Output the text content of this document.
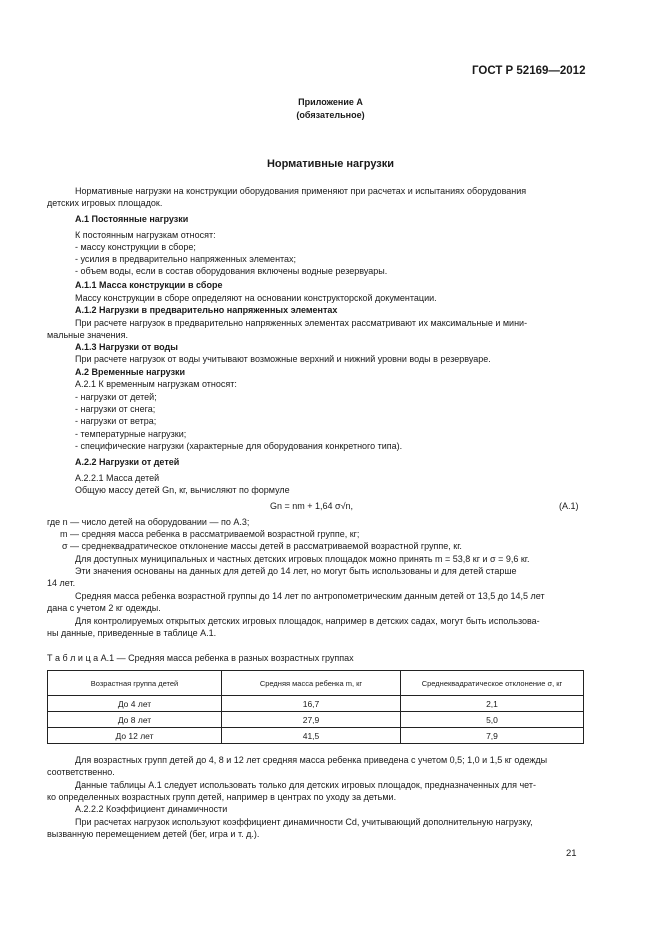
ГОСТ Р 52169—2012
Приложение А
(обязательное)
Нормативные нагрузки
Нормативные нагрузки на конструкции оборудования применяют при расчетах и испытаниях оборудования
детских игровых площадок.
А.1 Постоянные нагрузки
К постоянным нагрузкам относят:
- массу конструкции в сборе;
- усилия в предварительно напряженных элементах;
- объем воды, если в состав оборудования включены водные резервуары.
А.1.1 Масса конструкции в сборе
Массу конструкции в сборе определяют на основании конструкторской документации.
А.1.2 Нагрузки в предварительно напряженных элементах
При расчете нагрузок в предварительно напряженных элементах рассматривают их максимальные и мини-
мальные значения.
А.1.3 Нагрузки от воды
При расчете нагрузок от воды учитывают возможные верхний и нижний уровни воды в резервуаре.
А.2 Временные нагрузки
А.2.1 К временным нагрузкам относят:
- нагрузки от детей;
- нагрузки от снега;
- нагрузки от ветра;
- температурные нагрузки;
- специфические нагрузки (характерные для оборудования конкретного типа).
А.2.2 Нагрузки от детей
А.2.2.1 Масса детей
Общую массу детей Gn, кг, вычисляют по формуле
Gn = nm + 1,64 σ√n,	(А.1)
где n — число детей на оборудовании — по А.3;
m — средняя масса ребенка в рассматриваемой возрастной группе, кг;
σ — среднеквадратическое отклонение массы детей в рассматриваемой возрастной группе, кг.
Для доступных муниципальных и частных детских игровых площадок можно принять m = 53,8 кг и σ = 9,6 кг.
Эти значения основаны на данных для детей до 14 лет, но могут быть использованы и для детей старше
14 лет.
Средняя масса ребенка возрастной группы до 14 лет по антропометрическим данным детей от 13,5 до 14,5 лет
дана с учетом 2 кг одежды.
Для контролируемых открытых детских игровых площадок, например в детских садах, могут быть использова-
ны данные, приведенные в таблице А.1.
Т а б л и ц а А.1 — Средняя масса ребенка в разных возрастных группах
Возрастная группа детей	Средняя масса ребенка m, кг	Среднеквадратическое отклонение σ, кг
До 4 лет	16,7	2,1
До 8 лет	27,9	5,0
До 12 лет	41,5	7,9
Для возрастных групп детей до 4, 8 и 12 лет средняя масса ребенка приведена с учетом 0,5; 1,0 и 1,5 кг одежды
соответственно.
Данные таблицы А.1 следует использовать только для детских игровых площадок, предназначенных для чет-
ко определенных возрастных групп детей, например в центрах по уходу за детьми.
А.2.2.2 Коэффициент динамичности
При расчетах нагрузок используют коэффициент динамичности Cd, учитывающий дополнительную нагрузку,
вызванную перемещением детей (бег, игра и т. д.).
21
